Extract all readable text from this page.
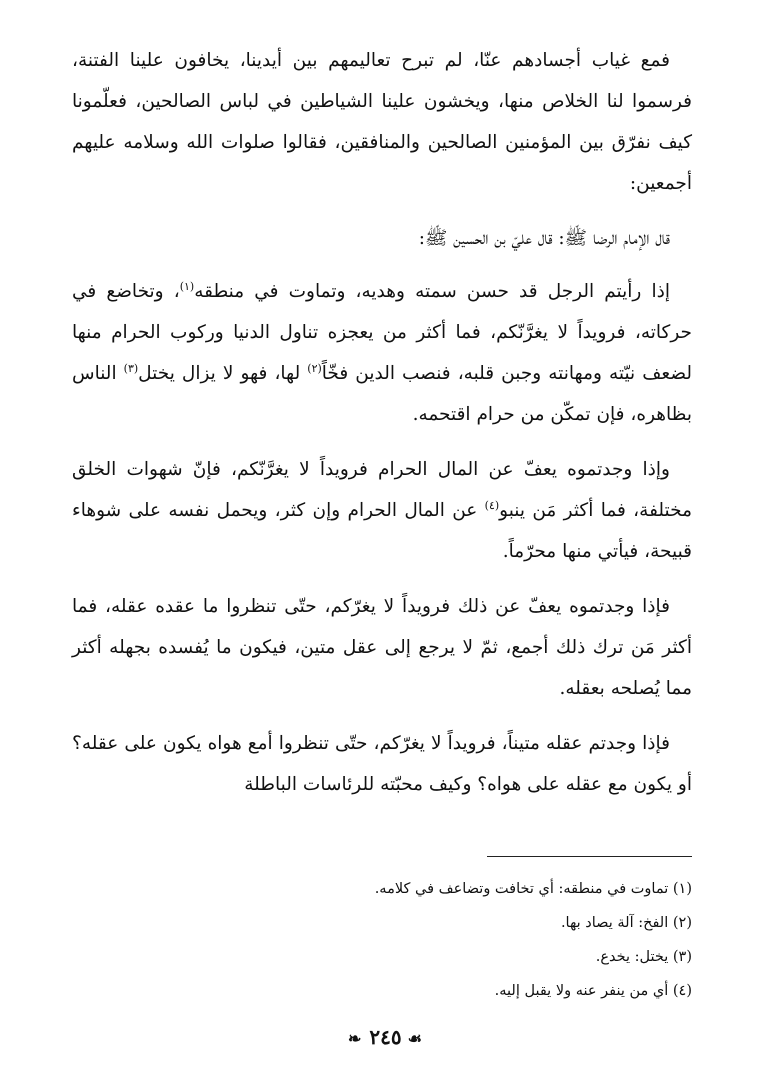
فمع غياب أجسادهم عنّا، لم تبرح تعاليمهم بين أيدينا، يخافون علينا الفتنة، فرسموا لنا الخلاص منها، ويخشون علينا الشياطين في لباس الصالحين، فعلّمونا كيف نفرّق بين المؤمنين الصالحين والمنافقين، فقالوا صلوات الله وسلامه عليهم أجمعين:

قال الإمام الرضا ﷺ: قال عليّ بن الحسين ﷺ:

إذا رأيتم الرجل قد حسن سمته وهديه، وتماوت في منطقه$^{(١)}$، وتخاضع في حركاته، فرويداً لا يغرَّنّكم، فما أكثر من يعجزه تناول الدنيا وركوب الحرام منها لضعف نيّته ومهانته وجبن قلبه، فنصب الدين فخّاً$^{(٢)}$ لها، فهو لا يزال يختل$^{(٣)}$ الناس بظاهره، فإن تمكّن من حرام اقتحمه.

وإذا وجدتموه يعفّ عن المال الحرام فرويداً لا يغرَّنّكم، فإنّ شهوات الخلق مختلفة، فما أكثر مَن ينبو$^{(٤)}$ عن المال الحرام وإن كثر، ويحمل نفسه على شوهاء قبيحة، فيأتي منها محرّماً.

فإذا وجدتموه يعفّ عن ذلك فرويداً لا يغرّكم، حتّى تنظروا ما عقده عقله، فما أكثر مَن ترك ذلك أجمع، ثمّ لا يرجع إلى عقل متين، فيكون ما يُفسده بجهله أكثر مما يُصلحه بعقله.

فإذا وجدتم عقله متيناً، فرويداً لا يغرّكم، حتّى تنظروا أمع هواه يكون على عقله؟ أو يكون مع عقله على هواه؟ وكيف محبّته للرئاسات الباطلة

(١) تماوت في منطقه: أي تخافت وتضاعف في كلامه.

(٢) الفخ: آلة يصاد بها.

(٣) يختل: يخدع.

(٤) أي من ينفر عنه ولا يقبل إليه.

☙٢٤٥❧
